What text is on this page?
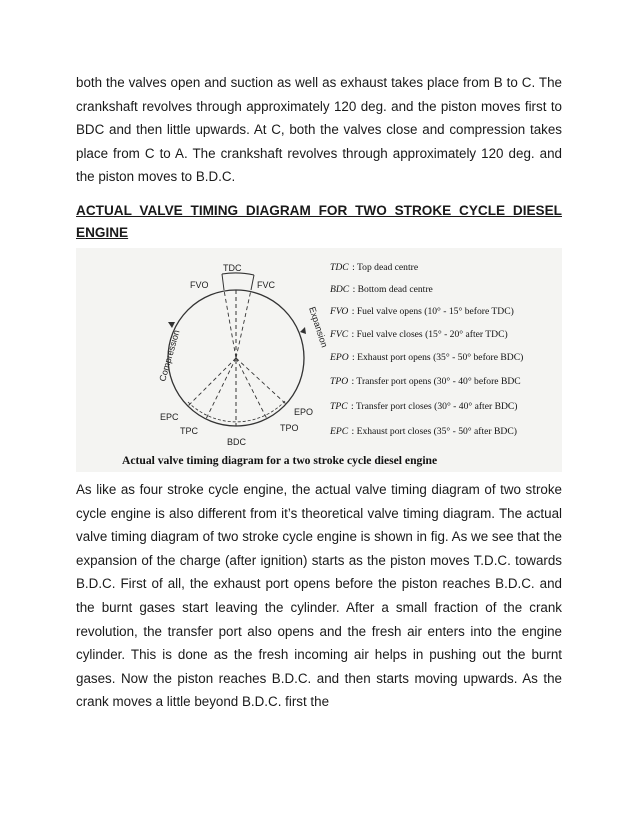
both the valves open and suction as well as exhaust takes place from B to C. The crankshaft revolves through approximately 120 deg. and the piston moves first to BDC and then little upwards. At C, both the valves close and compression takes place from C to A. The crankshaft revolves through approximately 120 deg. and the piston moves to B.D.C.

ACTUAL VALVE TIMING DIAGRAM FOR TWO STROKE CYCLE DIESEL ENGINE
TDC
FVO	FVC
EPC
TPC
BDC
EPO
TPO
Compression
Expansion
TDC : Top dead centre
BDC : Bottom dead centre
FVO : Fuel valve opens (10° - 15° before TDC)
FVC : Fuel valve closes (15° - 20° after TDC)
EPO : Exhaust port opens (35° - 50° before BDC)
TPO : Transfer port opens (30° - 40° before BDC
TPC : Transfer port closes (30° - 40° after BDC)
EPC : Exhaust port closes (35° - 50° after BDC)
Actual valve timing diagram for a two stroke cycle diesel engine

As like as four stroke cycle engine, the actual valve timing diagram of two stroke cycle engine is also different from it’s theoretical valve timing diagram. The actual valve timing diagram of two stroke cycle engine is shown in fig. As we see that the expansion of the charge (after ignition) starts as the piston moves T.D.C. towards B.D.C. First of all, the exhaust port opens before the piston reaches B.D.C. and the burnt gases start leaving the cylinder. After a small fraction of the crank revolution, the transfer port also opens and the fresh air enters into the engine cylinder. This is done as the fresh incoming air helps in pushing out the burnt gases. Now the piston reaches B.D.C. and then starts moving upwards. As the crank moves a little beyond B.D.C. first the
